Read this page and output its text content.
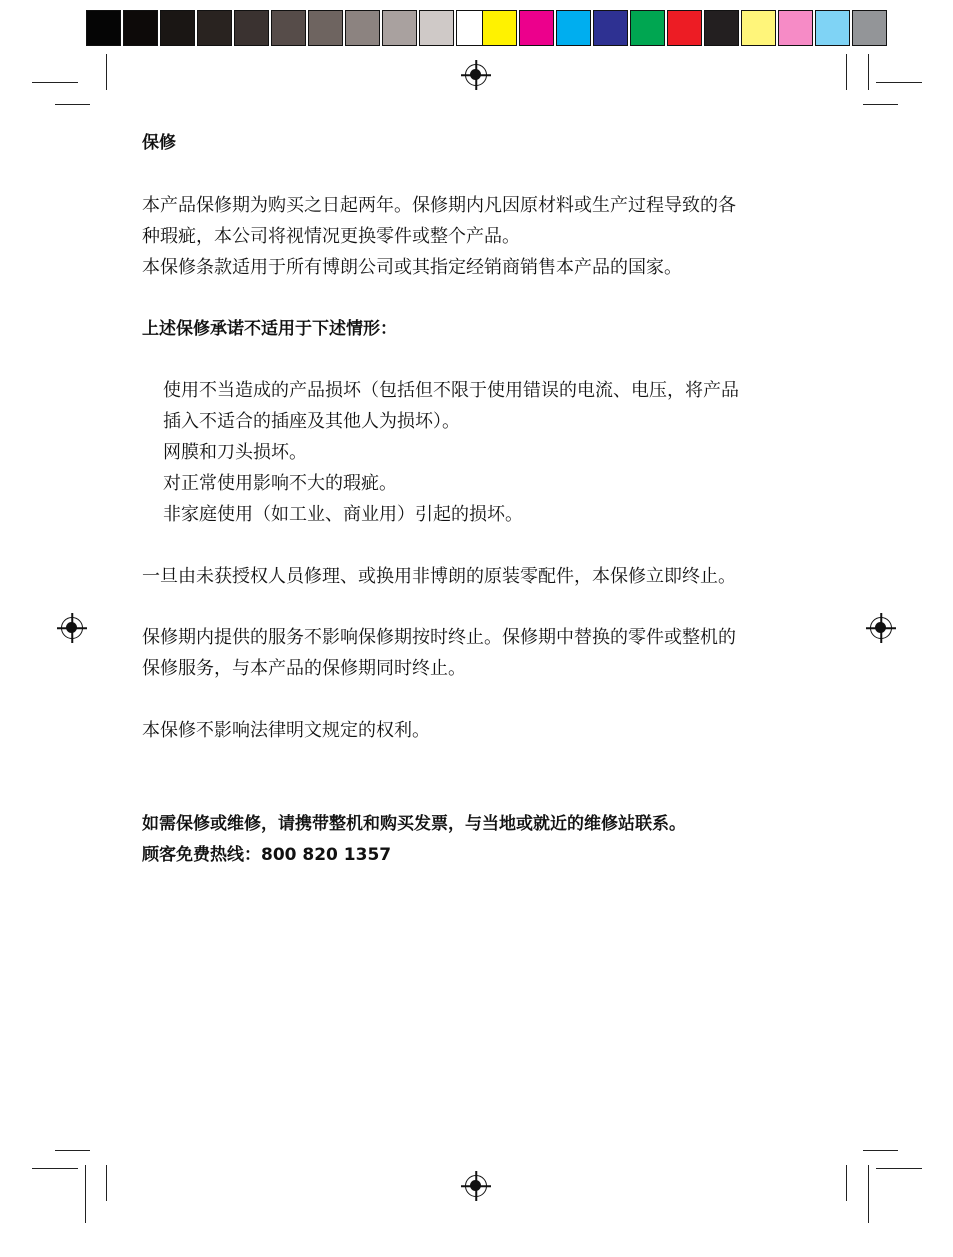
保修
本产品保修期为购买之日起两年。保修期内凡因原材料或生产过程导致的各
种瑕疵，本公司将视情况更换零件或整个产品。
本保修条款适用于所有博朗公司或其指定经销商销售本产品的国家。
上述保修承诺不适用于下述情形：
使用不当造成的产品损坏（包括但不限于使用错误的电流、电压，将产品
插入不适合的插座及其他人为损坏）。
网膜和刀头损坏。
对正常使用影响不大的瑕疵。
非家庭使用（如工业、商业用）引起的损坏。
一旦由未获授权人员修理、或换用非博朗的原装零配件，本保修立即终止。
保修期内提供的服务不影响保修期按时终止。保修期中替换的零件或整机的
保修服务，与本产品的保修期同时终止。
本保修不影响法律明文规定的权利。
如需保修或维修，请携带整机和购买发票，与当地或就近的维修站联系。
顾客免费热线：800 820 1357
